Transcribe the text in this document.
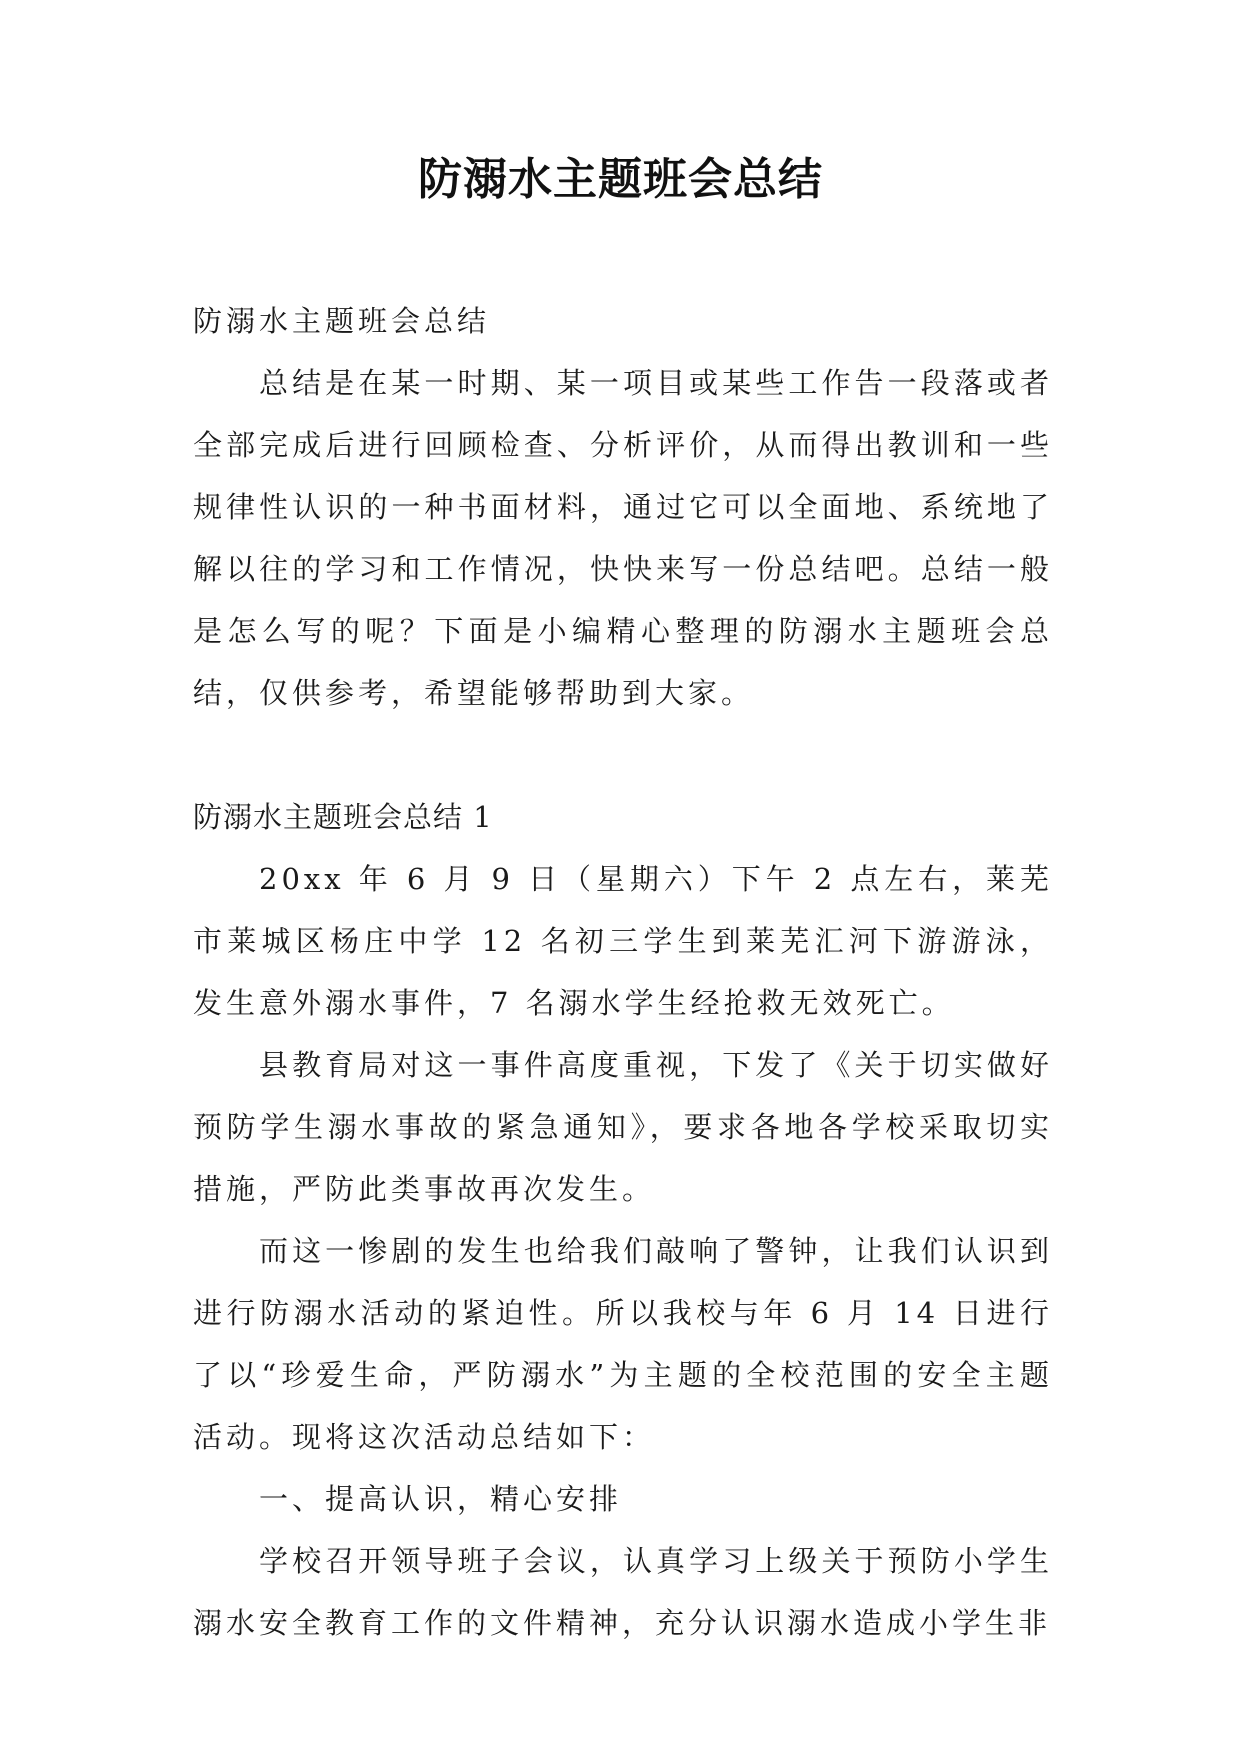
防溺水主题班会总结

防溺水主题班会总结

总结是在某一时期、某一项目或某些工作告一段落或者全部完成后进行回顾检查、分析评价，从而得出教训和一些规律性认识的一种书面材料，通过它可以全面地、系统地了解以往的学习和工作情况，快快来写一份总结吧。总结一般是怎么写的呢？下面是小编精心整理的防溺水主题班会总结，仅供参考，希望能够帮助到大家。

防溺水主题班会总结 1

20xx 年 6 月 9 日（星期六）下午 2 点左右，莱芜市莱城区杨庄中学 12 名初三学生到莱芜汇河下游游泳，发生意外溺水事件，7 名溺水学生经抢救无效死亡。

县教育局对这一事件高度重视，下发了《关于切实做好预防学生溺水事故的紧急通知》，要求各地各学校采取切实措施，严防此类事故再次发生。

而这一惨剧的发生也给我们敲响了警钟，让我们认识到进行防溺水活动的紧迫性。所以我校与年 6 月 14 日进行了以“珍爱生命，严防溺水”为主题的全校范围的安全主题活动。现将这次活动总结如下：

一、提高认识，精心安排

学校召开领导班子会议，认真学习上级关于预防小学生溺水安全教育工作的文件精神，充分认识溺水造成小学生非
